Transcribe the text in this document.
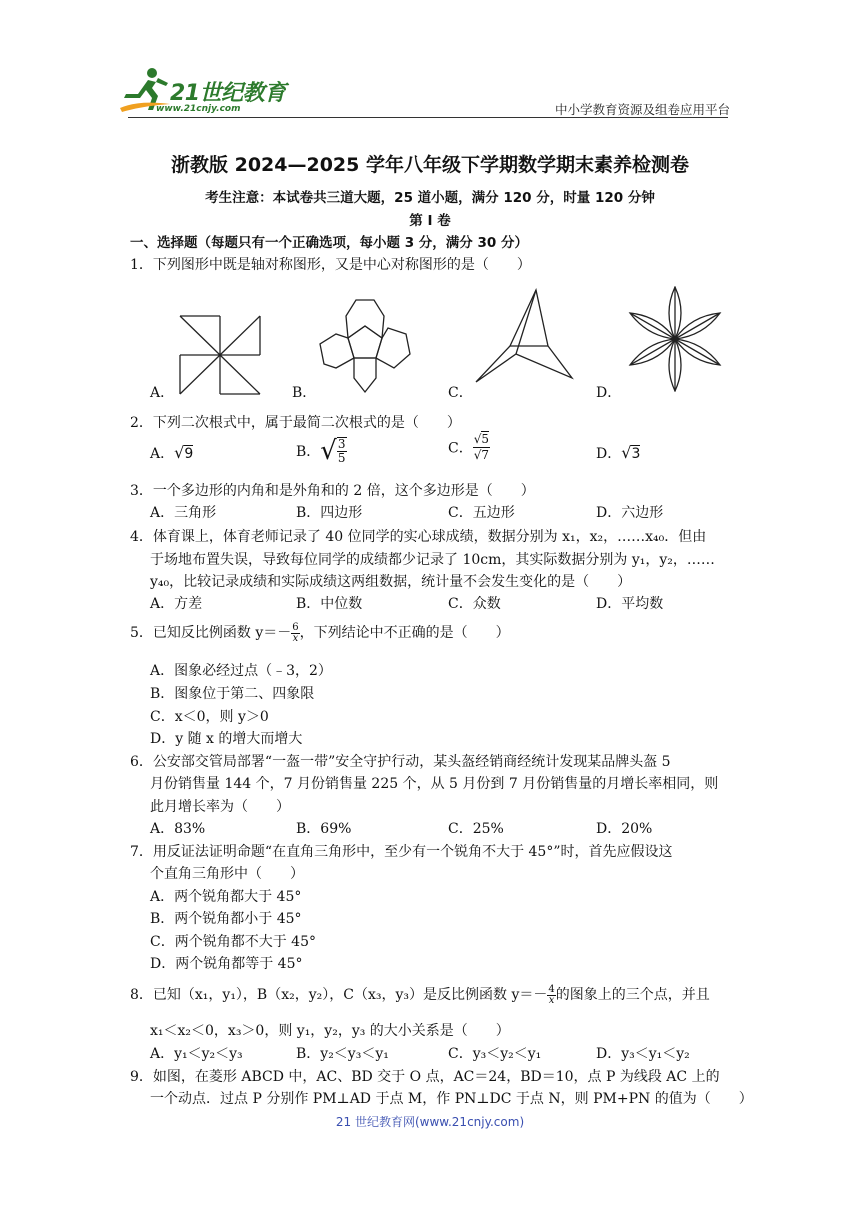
21世纪教育
www.21cnjy.com	中小学教育资源及组卷应用平台
浙教版 2024—2025 学年八年级下学期数学期末素养检测卷
考生注意：本试卷共三道大题，25 道小题，满分 120 分，时量 120 分钟
第 I 卷
一、选择题（每题只有一个正确选项，每小题 3 分，满分 30 分）
1．下列图形中既是轴对称图形，又是中心对称图形的是（　　）
A．	B．	C．	D．
2．下列二次根式中，属于最简二次根式的是（　　）
A．√9	B．√ $\frac{3}{5}$	C． $\frac{√5}{√7}$	D．√3
3．一个多边形的内角和是外角和的 2 倍，这个多边形是（　　）
A．三角形	B．四边形	C．五边形	D．六边形
4．体育课上，体育老师记录了 40 位同学的实心球成绩，数据分别为 x₁，x₂，……x₄₀．但由
于场地布置失误，导致每位同学的成绩都少记录了 10cm，其实际数据分别为 y₁，y₂，……
y₄₀，比较记录成绩和实际成绩这两组数据，统计量不会发生变化的是（　　）
A．方差	B．中位数	C．众数	D．平均数
5．已知反比例函数 $y=- \frac{6}{x}$ ，下列结论中不正确的是（　　）
A．图象必经过点（﹣3，2）
B．图象位于第二、四象限
C．x＜0，则 y＞0
D．y 随 x 的增大而增大
6．公安部交管局部署“一盔一带”安全守护行动，某头盔经销商经统计发现某品牌头盔 5
月份销售量 144 个，7 月份销售量 225 个，从 5 月份到 7 月份销售量的月增长率相同，则
此月增长率为（　　）
A．83%	B．69%	C．25%	D．20%
7．用反证法证明命题“在直角三角形中，至少有一个锐角不大于 45°”时，首先应假设这
个直角三角形中（　　）
A．两个锐角都大于 45°
B．两个锐角都小于 45°
C．两个锐角都不大于 45°
D．两个锐角都等于 45°
8．已知（x₁，y₁），B（x₂，y₂），C（x₃，y₃）是反比例函数 $y=- \frac{4}{x}$ 的图象上的三个点，并且
x₁＜x₂＜0，x₃＞0，则 y₁，y₂，y₃ 的大小关系是（　　）
A．y₁＜y₂＜y₃	B．y₂＜y₃＜y₁	C．y₃＜y₂＜y₁	D．y₃＜y₁＜y₂
9．如图，在菱形 ABCD 中，AC、BD 交于 O 点，AC＝24，BD＝10，点 P 为线段 AC 上的
一个动点．过点 P 分别作 PM⊥AD 于点 M，作 PN⊥DC 于点 N，则 PM+PN 的值为（　　）
21 世纪教育网(www.21cnjy.com)
